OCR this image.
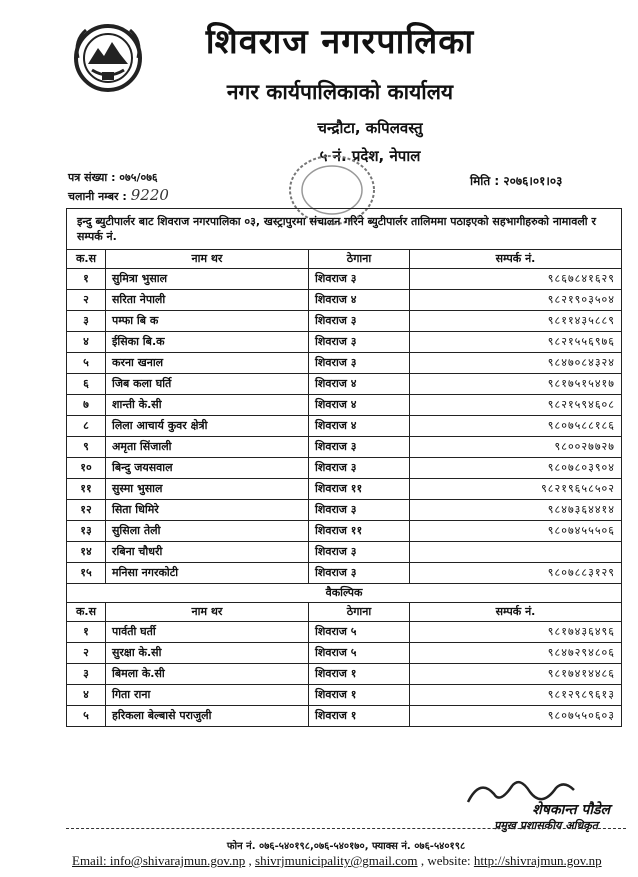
शिवराज नगरपालिका
नगर कार्यपालिकाको कार्यालय
चन्द्रौटा, कपिलवस्तु
५ नं. प्रदेश, नेपाल
पत्र संख्या : ०७५/०७६
चलानी नम्बर : 9220
मिति : २०७६।०१।०३
इन्दु ब्युटीपार्लर बाट शिवराज नगरपालिका ०३, खस्ट्रापुरमा संचालन गरिने ब्युटीपार्लर तालिममा पठाइएको सहभागीहरुको नामावली र सम्पर्क नं.			
क.स	नाम थर	ठेगाना	सम्पर्क नं.
१	सुमित्रा भुसाल	शिवराज ३	९८६७८४१६२९
२	सरिता नेपाली	शिवराज ४	९८२१९०३५०४
३	पम्फा बि क	शिवराज ३	९८११४३५८८९
४	ईसिका बि.क	शिवराज ३	९८२१५५६९७६
५	करना खनाल	शिवराज ३	९८४७०८४३२४
६	जिब कला घर्ति	शिवराज ४	९८१७५१५४१७
७	शान्ती के.सी	शिवराज ४	९८२१५९४६०८
८	लिला आचार्य कुवर क्षेत्री	शिवराज ४	९८०७५८८१८६
९	अमृता सिंजाली	शिवराज ३	९८००२७७२७
१०	बिन्दु जयसवाल	शिवराज ३	९८०७८०३९०४
११	सुस्मा भुसाल	शिवराज ११	९८२१९६५८५०२
१२	सिता धिमिरे	शिवराज ३	९८४७३६४४१४
१३	सुसिला तेली	शिवराज ११	९८०७४५५५०६
१४	रबिना चौधरी	शिवराज ३	
१५	मनिसा नगरकोटी	शिवराज ३	९८०७८८३१२९
वैकल्पिक			
क.स	नाम थर	ठेगाना	सम्पर्क नं.
१	पार्वती घर्ती	शिवराज ५	९८१७४३६४९६
२	सुरक्षा के.सी	शिवराज ५	९८४७२९४८०६
३	बिमला के.सी	शिवराज १	९८१७४१४४८६
४	गिता राना	शिवराज १	९८१२९८९६१३
५	हरिकला बेल्बासे पराजुली	शिवराज १	९८०७५५०६०३
शेषकान्त पौडेल
प्रमुख प्रशासकीय अधिकृत
फोन नं. ०७६-५४०१९८,०७६-५४०१७०, फ्याक्स नं. ०७६-५४०१९८
Email: info@shivarajmun.gov.np , shivrjmunicipality@gmail.com , website: http://shivrajmun.gov.np
